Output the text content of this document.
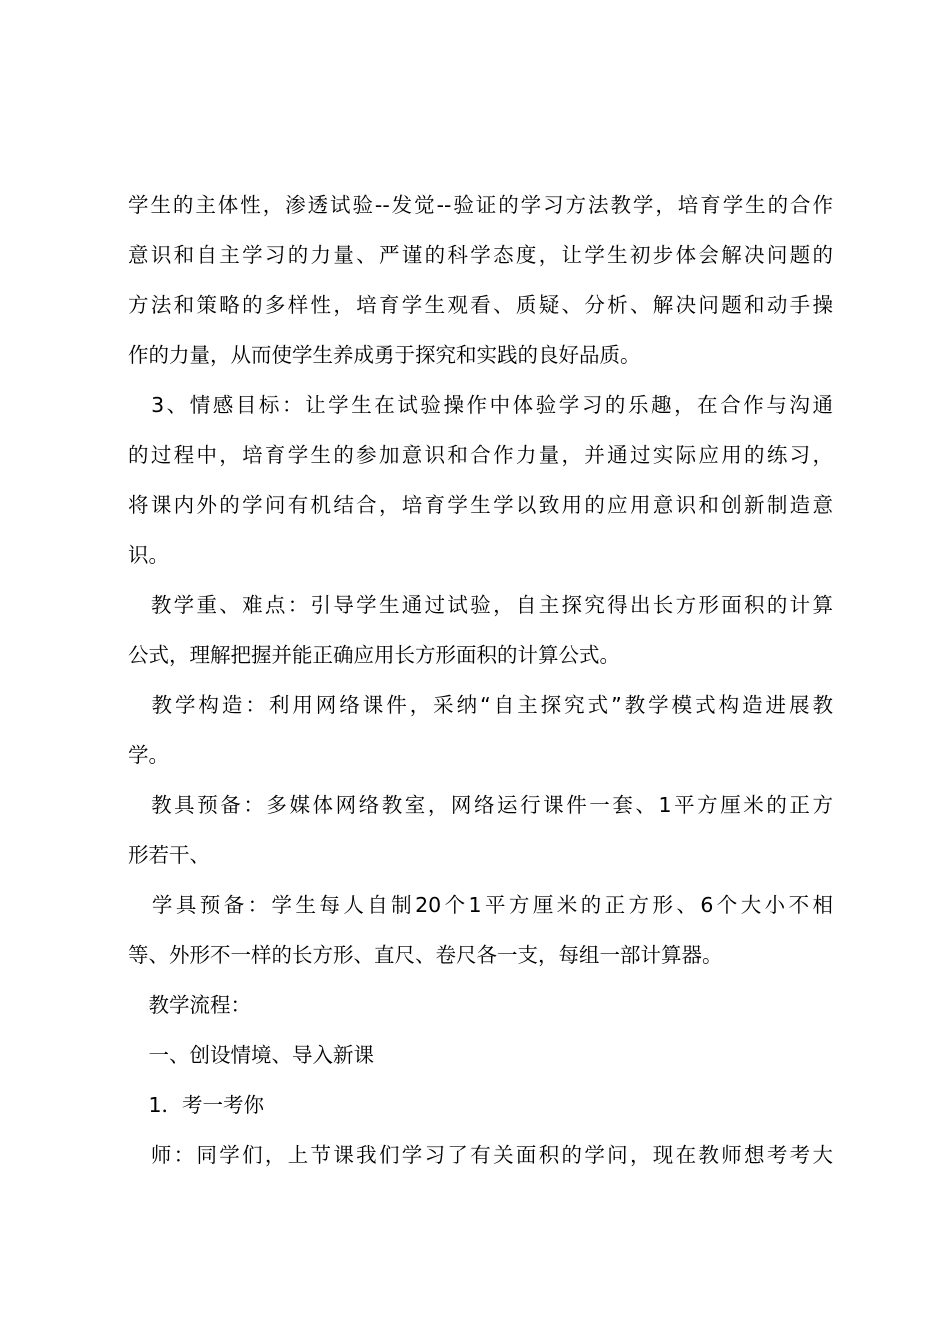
学生的主体性，渗透试验--发觉--验证的学习方法教学，培育学生的合作
意识和自主学习的力量、严谨的科学态度，让学生初步体会解决问题的
方法和策略的多样性，培育学生观看、质疑、分析、解决问题和动手操
作的力量，从而使学生养成勇于探究和实践的良好品质。
　3、情感目标：让学生在试验操作中体验学习的乐趣，在合作与沟通
的过程中，培育学生的参加意识和合作力量，并通过实际应用的练习，
将课内外的学问有机结合，培育学生学以致用的应用意识和创新制造意
识。
　教学重、难点：引导学生通过试验，自主探究得出长方形面积的计算
公式，理解把握并能正确应用长方形面积的计算公式。
　教学构造：利用网络课件，采纳“自主探究式”教学模式构造进展教
学。
　教具预备：多媒体网络教室，网络运行课件一套、1平方厘米的正方
形若干、
　学具预备：学生每人自制20个1平方厘米的正方形、6个大小不相
等、外形不一样的长方形、直尺、卷尺各一支，每组一部计算器。
　教学流程：
　一、创设情境、导入新课
　1．考一考你
　师：同学们，上节课我们学习了有关面积的学问，现在教师想考考大
